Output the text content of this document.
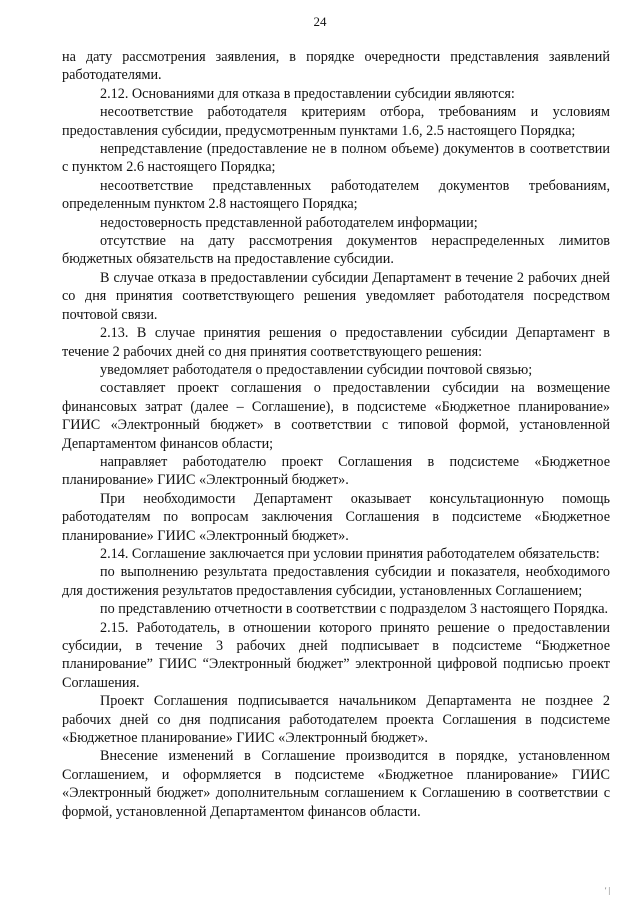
24

на дату рассмотрения заявления, в порядке очередности представления заявлений работодателями.

2.12. Основаниями для отказа в предоставлении субсидии являются:

несоответствие работодателя критериям отбора, требованиям и условиям предоставления субсидии, предусмотренным пунктами 1.6, 2.5 настоящего Порядка;

непредставление (предоставление не в полном объеме) документов в соответствии с пунктом 2.6 настоящего Порядка;

несоответствие представленных работодателем документов требованиям, определенным пунктом 2.8 настоящего Порядка;

недостоверность представленной работодателем информации;

отсутствие на дату рассмотрения документов нераспределенных лимитов бюджетных обязательств на предоставление субсидии.

В случае отказа в предоставлении субсидии Департамент в течение 2 рабочих дней со дня принятия соответствующего решения уведомляет работодателя посредством почтовой связи.

2.13. В случае принятия решения о предоставлении субсидии Департамент в течение 2 рабочих дней со дня принятия соответствующего решения:

уведомляет работодателя о предоставлении субсидии почтовой связью;

составляет проект соглашения о предоставлении субсидии на возмещение финансовых затрат (далее – Соглашение), в подсистеме «Бюджетное планирование» ГИИС «Электронный бюджет» в соответствии с типовой формой, установленной Департаментом финансов области;

направляет работодателю проект Соглашения в подсистеме «Бюджетное планирование» ГИИС «Электронный бюджет».

При необходимости Департамент оказывает консультационную помощь работодателям по вопросам заключения Соглашения в подсистеме «Бюджетное планирование» ГИИС «Электронный бюджет».

2.14. Соглашение заключается при условии принятия работодателем обязательств:

по выполнению результата предоставления субсидии и показателя, необходимого для достижения результатов предоставления субсидии, установленных Соглашением;

по представлению отчетности в соответствии с подразделом 3 настоящего Порядка.

2.15. Работодатель, в отношении которого принято решение о предоставлении субсидии, в течение 3 рабочих дней подписывает в подсистеме “Бюджетное планирование” ГИИС “Электронный бюджет” электронной цифровой подписью проект Соглашения.

Проект Соглашения подписывается начальником Департамента не позднее 2 рабочих дней со дня подписания работодателем проекта Соглашения в подсистеме «Бюджетное планирование» ГИИС «Электронный бюджет».

Внесение изменений в Соглашение производится в порядке, установленном Соглашением, и оформляется в подсистеме «Бюджетное планирование» ГИИС «Электронный бюджет» дополнительным соглашением к Соглашению в соответствии с формой, установленной Департаментом финансов области.

' |
